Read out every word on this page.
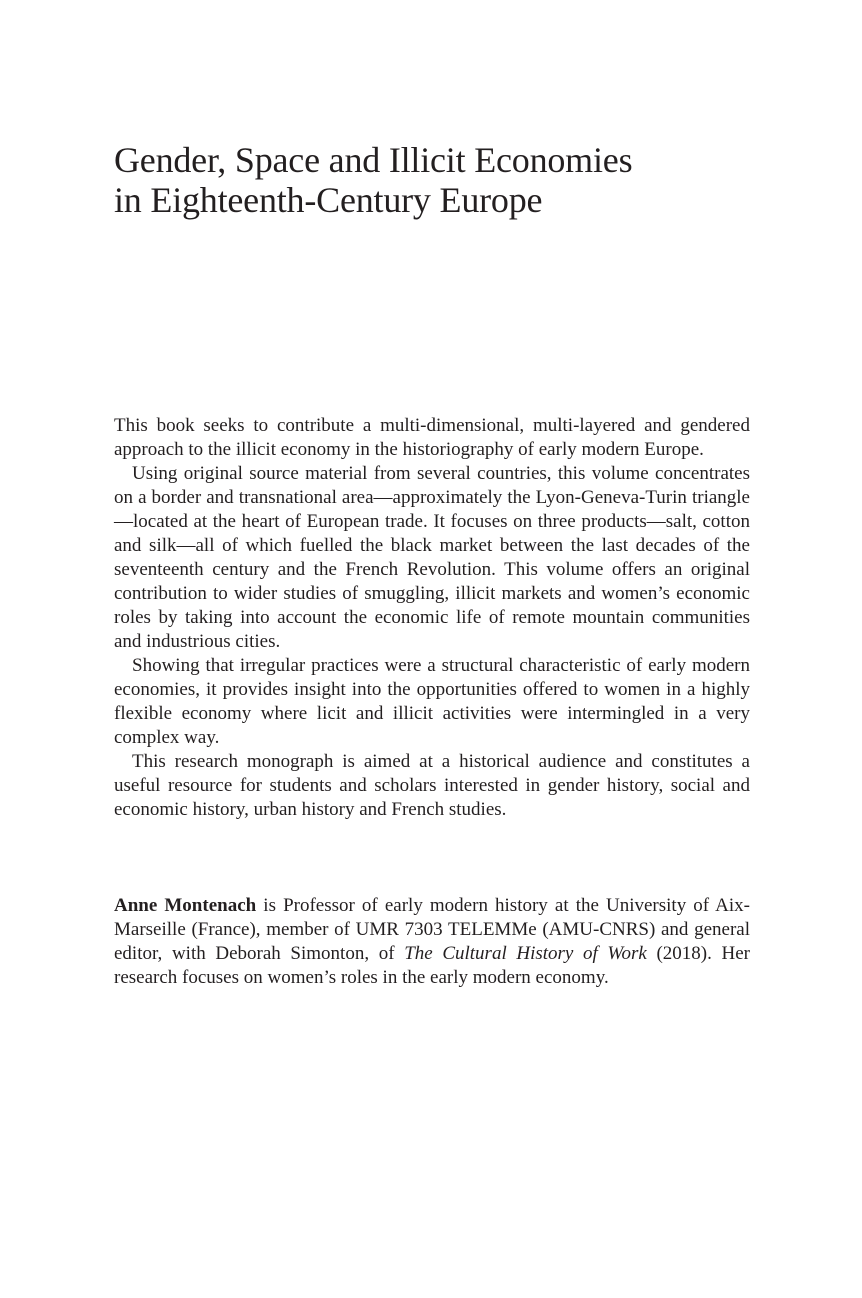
Gender, Space and Illicit Economies
in Eighteenth-Century Europe

This book seeks to contribute a multi-dimensional, multi-layered and gendered approach to the illicit economy in the historiography of early modern Europe.

Using original source material from several countries, this volume concentrates on a border and transnational area—approximately the Lyon-Geneva-Turin triangle—located at the heart of European trade. It focuses on three products—salt, cotton and silk—all of which fuelled the black market between the last decades of the seventeenth century and the French Revolution. This volume offers an original contribution to wider studies of smuggling, illicit markets and women’s economic roles by taking into account the economic life of remote mountain communities and industrious cities.

Showing that irregular practices were a structural characteristic of early modern economies, it provides insight into the opportunities offered to women in a highly flexible economy where licit and illicit activities were intermingled in a very complex way.

This research monograph is aimed at a historical audience and constitutes a useful resource for students and scholars interested in gender history, social and economic history, urban history and French studies.

Anne Montenach is Professor of early modern history at the University of Aix-Marseille (France), member of UMR 7303 TELEMMe (AMU-CNRS) and general editor, with Deborah Simonton, of The Cultural History of Work (2018). Her research focuses on women’s roles in the early modern economy.
